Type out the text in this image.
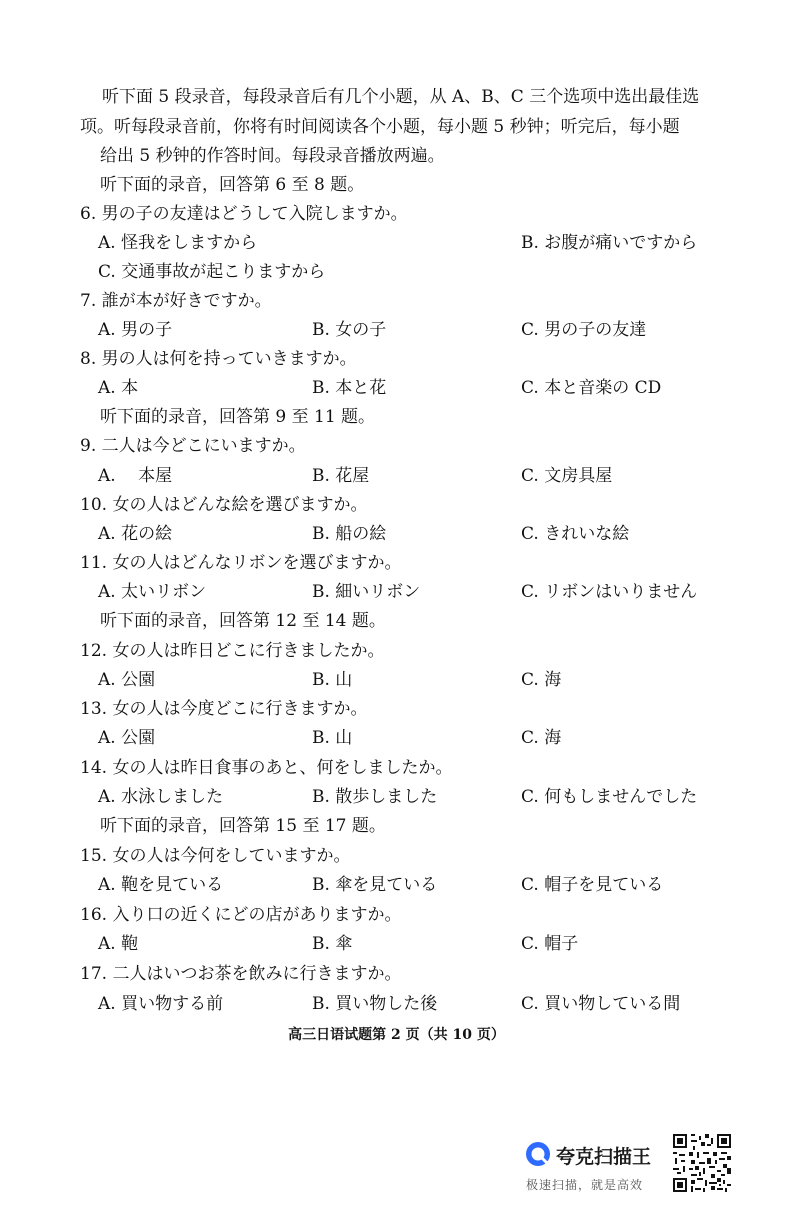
听下面 5 段录音，每段录音后有几个小题，从 A、B、C 三个选项中选出最佳选
项。听每段录音前，你将有时间阅读各个小题，每小题 5 秒钟；听完后，每小题
给出 5 秒钟的作答时间。每段录音播放两遍。
听下面的录音，回答第 6 至 8 题。
6. 男の子の友達はどうして入院しますか。
A. 怪我をしますから	B. お腹が痛いですから
C. 交通事故が起こりますから
7. 誰が本が好きですか。
A. 男の子	B. 女の子	C. 男の子の友達
8. 男の人は何を持っていきますか。
A. 本	B. 本と花	C. 本と音楽の CD
听下面的录音，回答第 9 至 11 题。
9. 二人は今どこにいますか。
A.　 本屋	B. 花屋	C. 文房具屋
10. 女の人はどんな絵を選びますか。
A. 花の絵	B. 船の絵	C. きれいな絵
11. 女の人はどんなリボンを選びますか。
A. 太いリボン	B. 細いリボン	C. リボンはいりません
听下面的录音，回答第 12 至 14 题。
12. 女の人は昨日どこに行きましたか。
A. 公園	B. 山	C. 海
13. 女の人は今度どこに行きますか。
A. 公園	B. 山	C. 海
14. 女の人は昨日食事のあと、何をしましたか。
A. 水泳しました	B. 散歩しました	C. 何もしませんでした
听下面的录音，回答第 15 至 17 题。
15. 女の人は今何をしていますか。
A. 鞄を見ている	B. 傘を見ている	C. 帽子を見ている
16. 入り口の近くにどの店がありますか。
A. 鞄	B. 傘	C. 帽子
17. 二人はいつお茶を飲みに行きますか。
A. 買い物する前	B. 買い物した後	C. 買い物している間
高三日语试题第 2 页（共 10 页）
夸克扫描王
极速扫描，就是高效
